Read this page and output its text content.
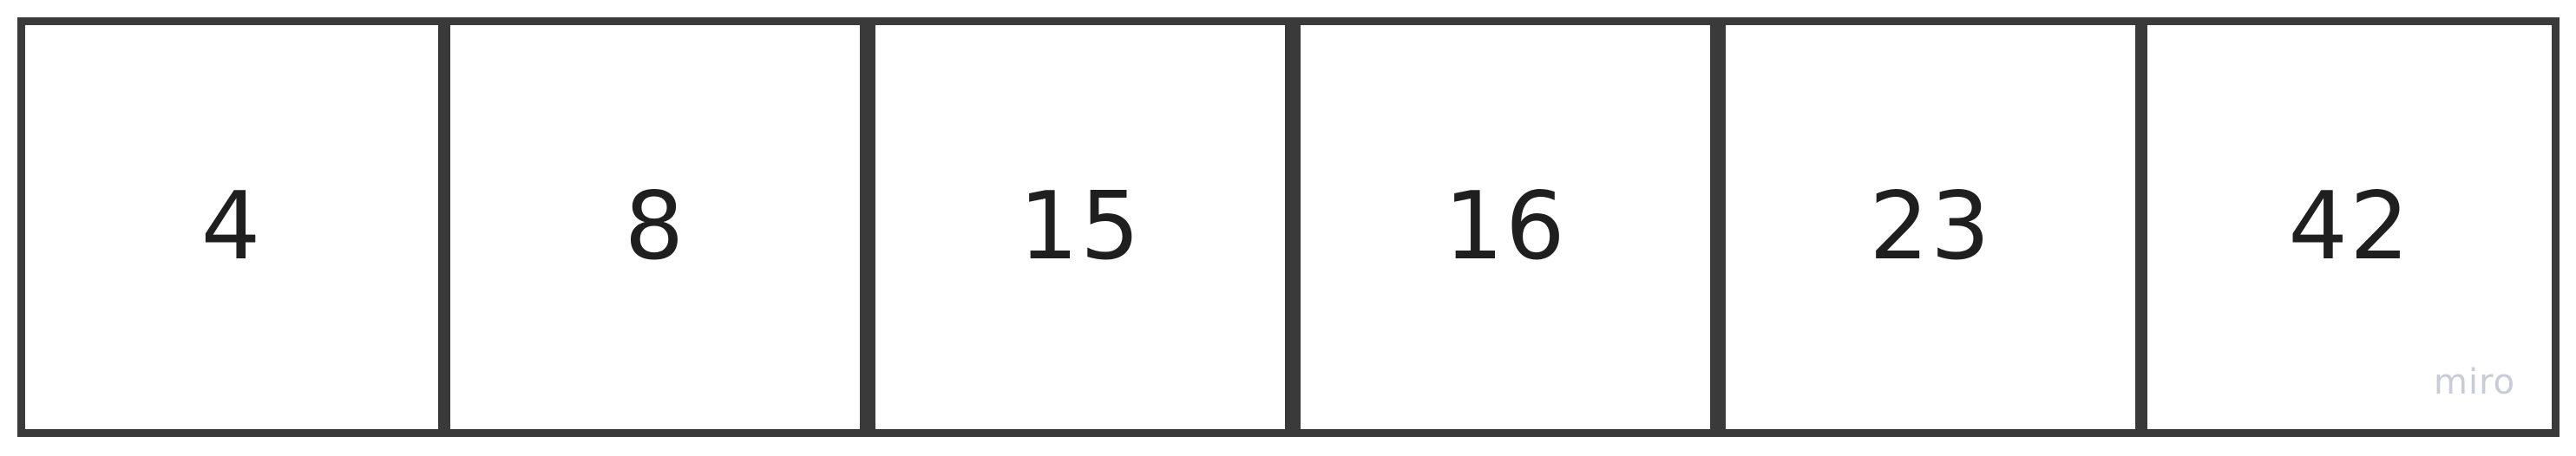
4	8	15	16	23	42
miro
